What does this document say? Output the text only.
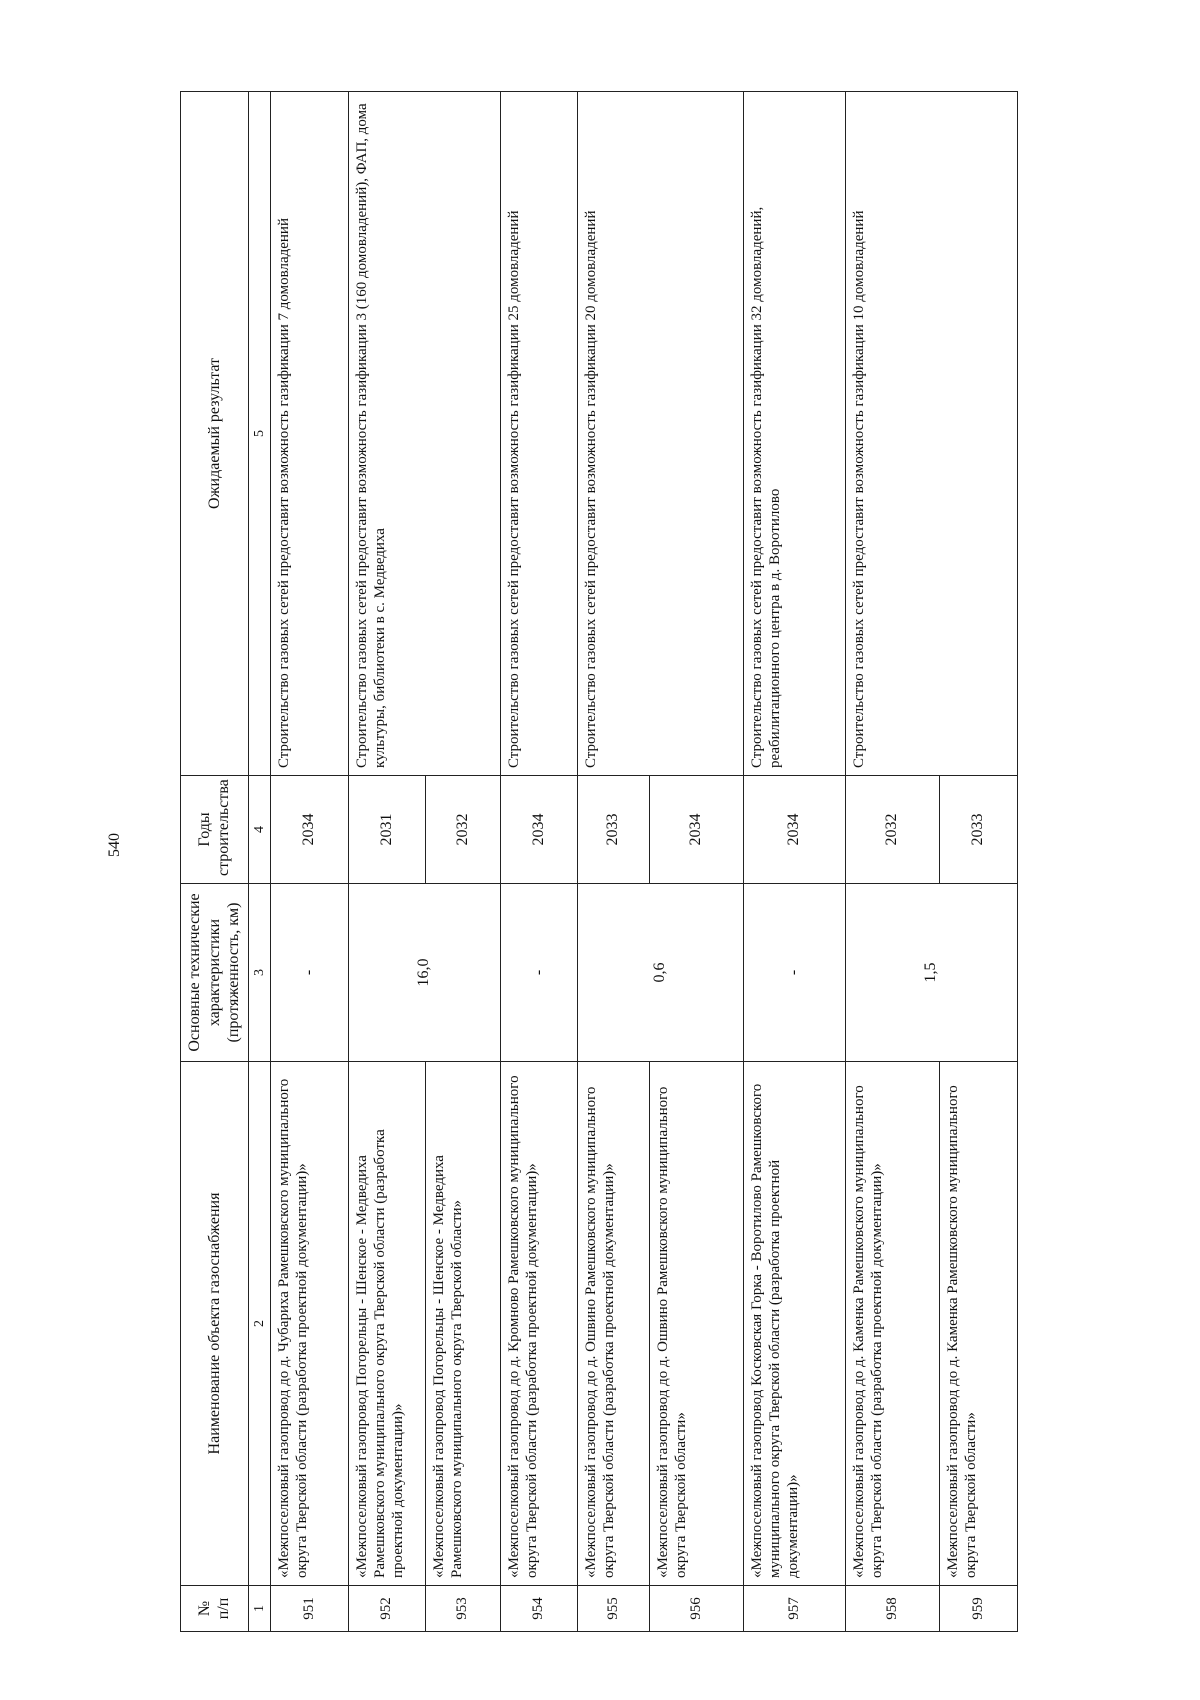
540
№ п/п	Наименование объекта газоснабжения	Основные технические характеристики (протяженность, км)	Годы строительства	Ожидаемый результат
1	2	3	4	5
951	«Межпоселковый газопровод до д. Чубариха Рамешковского муниципального округа Тверской области (разработка проектной документации)»	-	2034	Строительство газовых сетей предоставит возможность газификации 7 домовладений
952	«Межпоселковый газопровод Погорельцы - Шенское - Медведиха Рамешковского муниципального округа Тверской области (разработка проектной документации)»	16,0	2031	Строительство газовых сетей предоставит возможность газификации 3 (160 домовладений), ФАП, дома культуры, библиотеки в с. Медведиха
953	«Межпоселковый газопровод Погорельцы - Шенское - Медведиха Рамешковского муниципального округа Тверской области»		2032	
954	«Межпоселковый газопровод до д. Кромново Рамешковского муниципального округа Тверской области (разработка проектной документации)»	-	2034	Строительство газовых сетей предоставит возможность газификации 25 домовладений
955	«Межпоселковый газопровод до д. Ошвино Рамешковского муниципального округа Тверской области (разработка проектной документации)»	0,6	2033	Строительство газовых сетей предоставит возможность газификации 20 домовладений
956	«Межпоселковый газопровод до д. Ошвино Рамешковского муниципального округа Тверской области»		2034	
957	«Межпоселковый газопровод Косковская Горка - Воротилово Рамешковского муниципального округа Тверской области (разработка проектной документации)»	-	2034	Строительство газовых сетей предоставит возможность газификации 32 домовладений, реабилитационного центра в д. Воротилово
958	«Межпоселковый газопровод до д. Каменка Рамешковского муниципального округа Тверской области (разработка проектной документации)»	1,5	2032	Строительство газовых сетей предоставит возможность газификации 10 домовладений
959	«Межпоселковый газопровод до д. Каменка Рамешковского муниципального округа Тверской области»		2033	
